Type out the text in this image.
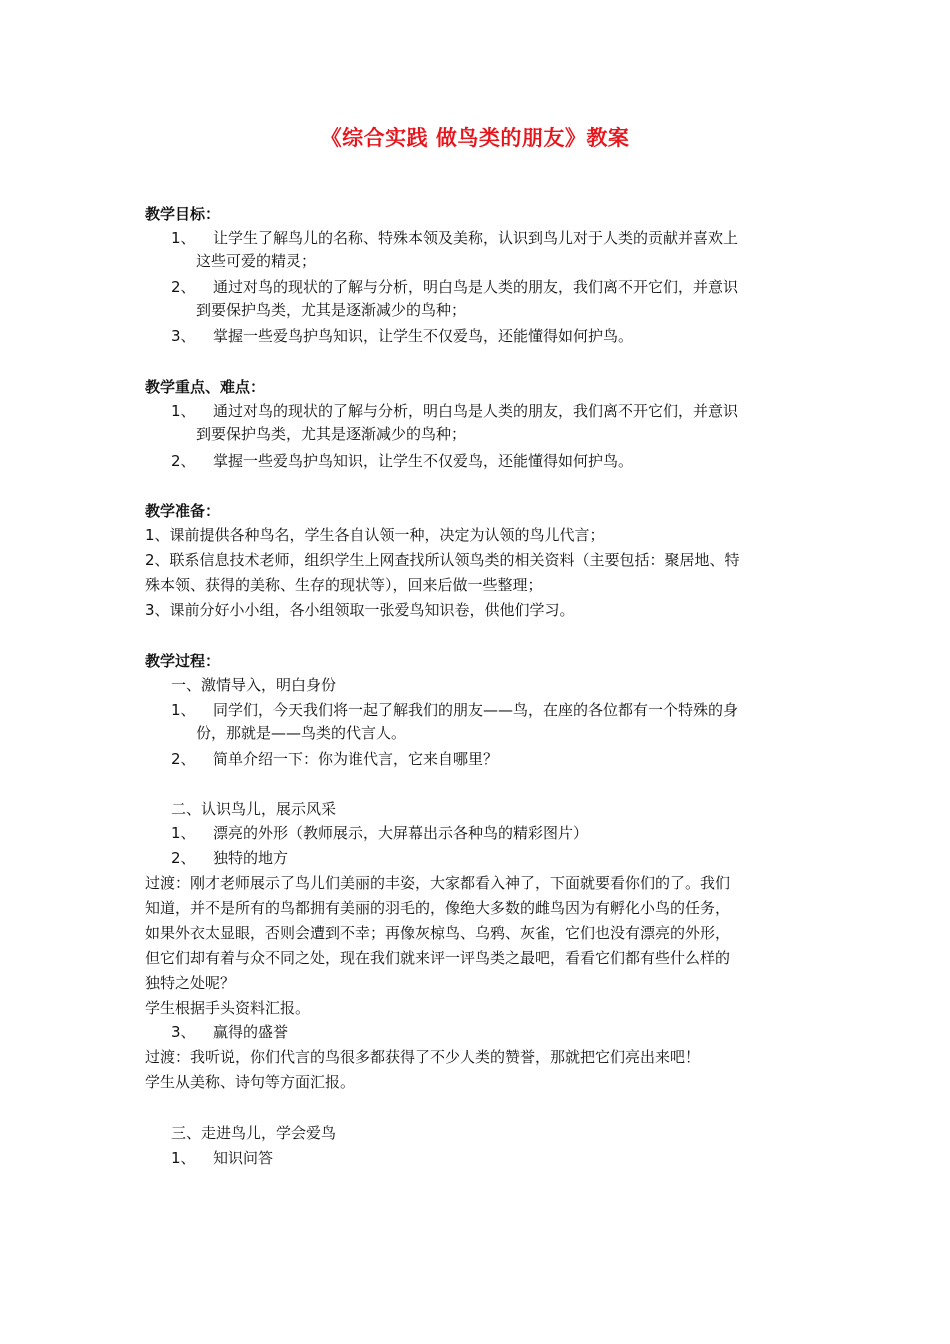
《综合实践 做鸟类的朋友》教案
教学目标：
1、 让学生了解鸟儿的名称、特殊本领及美称，认识到鸟儿对于人类的贡献并喜欢上
这些可爱的精灵；
2、 通过对鸟的现状的了解与分析，明白鸟是人类的朋友，我们离不开它们，并意识
到要保护鸟类，尤其是逐渐减少的鸟种；
3、 掌握一些爱鸟护鸟知识，让学生不仅爱鸟，还能懂得如何护鸟。
教学重点、难点：
1、 通过对鸟的现状的了解与分析，明白鸟是人类的朋友，我们离不开它们，并意识
到要保护鸟类，尤其是逐渐减少的鸟种；
2、 掌握一些爱鸟护鸟知识，让学生不仅爱鸟，还能懂得如何护鸟。
教学准备：
1、课前提供各种鸟名，学生各自认领一种，决定为认领的鸟儿代言；
2、联系信息技术老师，组织学生上网查找所认领鸟类的相关资料（主要包括：聚居地、特
殊本领、获得的美称、生存的现状等），回来后做一些整理；
3、课前分好小小组，各小组领取一张爱鸟知识卷，供他们学习。
教学过程：
一、激情导入，明白身份
1、 同学们，今天我们将一起了解我们的朋友——鸟，在座的各位都有一个特殊的身
份，那就是——鸟类的代言人。
2、 简单介绍一下：你为谁代言，它来自哪里？
二、认识鸟儿，展示风采
1、 漂亮的外形（教师展示，大屏幕出示各种鸟的精彩图片）
2、 独特的地方
过渡：刚才老师展示了鸟儿们美丽的丰姿，大家都看入神了，下面就要看你们的了。我们
知道，并不是所有的鸟都拥有美丽的羽毛的，像绝大多数的雌鸟因为有孵化小鸟的任务，
如果外衣太显眼，否则会遭到不幸；再像灰椋鸟、乌鸦、灰雀，它们也没有漂亮的外形，
但它们却有着与众不同之处，现在我们就来评一评鸟类之最吧，看看它们都有些什么样的
独特之处呢？
学生根据手头资料汇报。
3、 赢得的盛誉
过渡：我听说，你们代言的鸟很多都获得了不少人类的赞誉，那就把它们亮出来吧！
学生从美称、诗句等方面汇报。
三、走进鸟儿，学会爱鸟
1、 知识问答
